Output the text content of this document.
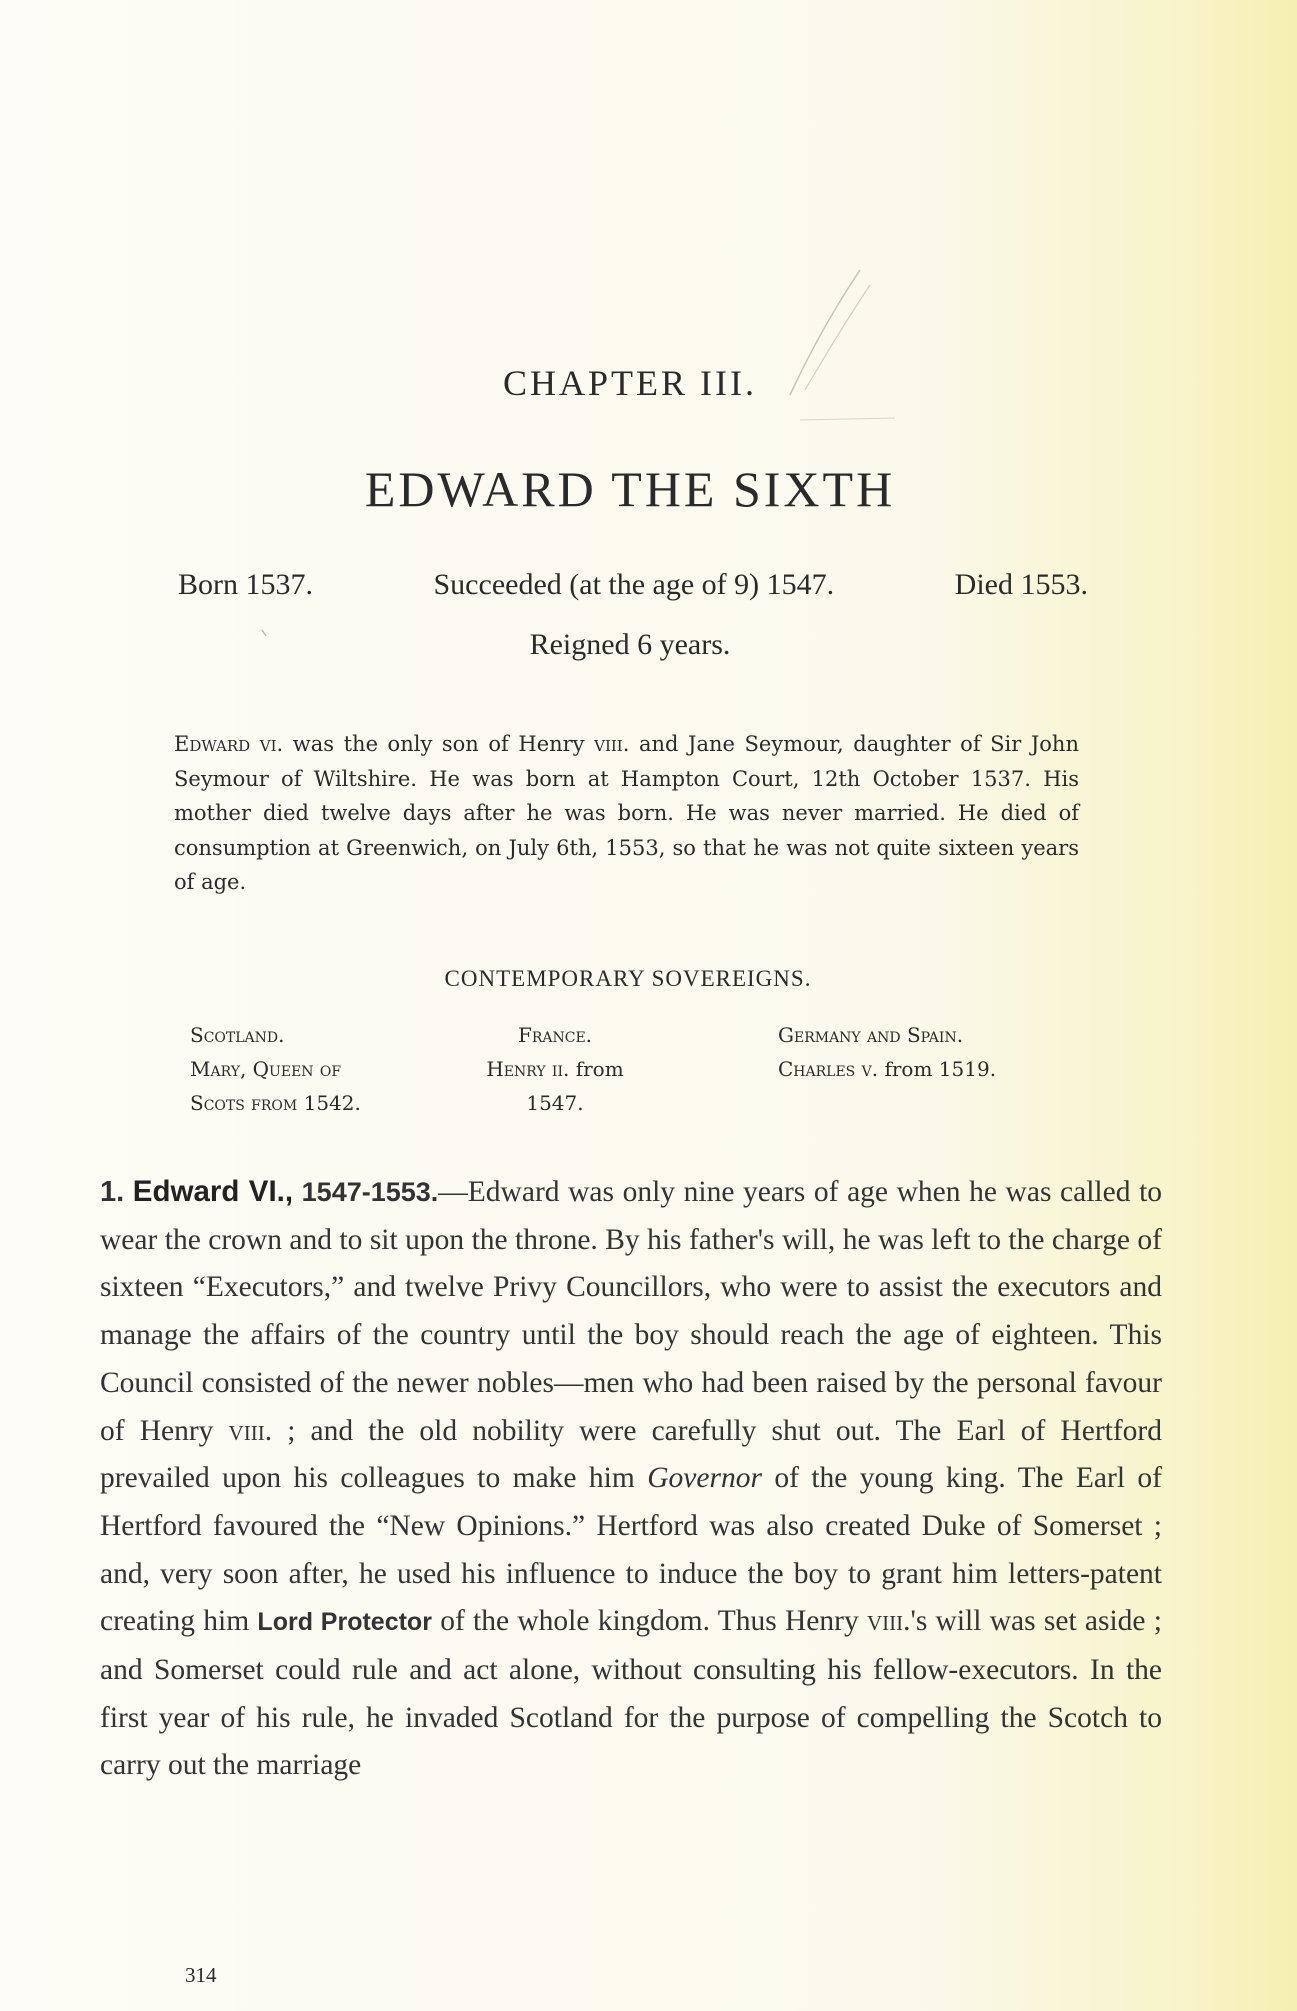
CHAPTER III.
EDWARD THE SIXTH
Born 1537.	Succeeded (at the age of 9) 1547.	Died 1553.
Reigned 6 years.
Edward vi. was the only son of Henry viii. and Jane Seymour, daughter of Sir John Seymour of Wiltshire. He was born at Hampton Court, 12th October 1537. His mother died twelve days after he was born. He was never married. He died of consumption at Greenwich, on July 6th, 1553, so that he was not quite sixteen years of age.
CONTEMPORARY SOVEREIGNS.
Scotland.
Mary, Queen of
Scots from 1542.
France.
Henry ii. from
1547.
Germany and Spain.
Charles v. from 1519.
1. Edward VI., 1547-1553.—Edward was only nine years of age when he was called to wear the crown and to sit upon the throne. By his father's will, he was left to the charge of sixteen “Executors,” and twelve Privy Councillors, who were to assist the executors and manage the affairs of the country until the boy should reach the age of eighteen. This Council consisted of the newer nobles—men who had been raised by the personal favour of Henry viii. ; and the old nobility were carefully shut out. The Earl of Hertford prevailed upon his colleagues to make him Governor of the young king. The Earl of Hertford favoured the “New Opinions.” Hertford was also created Duke of Somerset ; and, very soon after, he used his influence to induce the boy to grant him letters-patent creating him Lord Protector of the whole kingdom. Thus Henry viii.'s will was set aside ; and Somerset could rule and act alone, without consulting his fellow-executors. In the first year of his rule, he invaded Scotland for the purpose of compelling the Scotch to carry out the marriage
314
